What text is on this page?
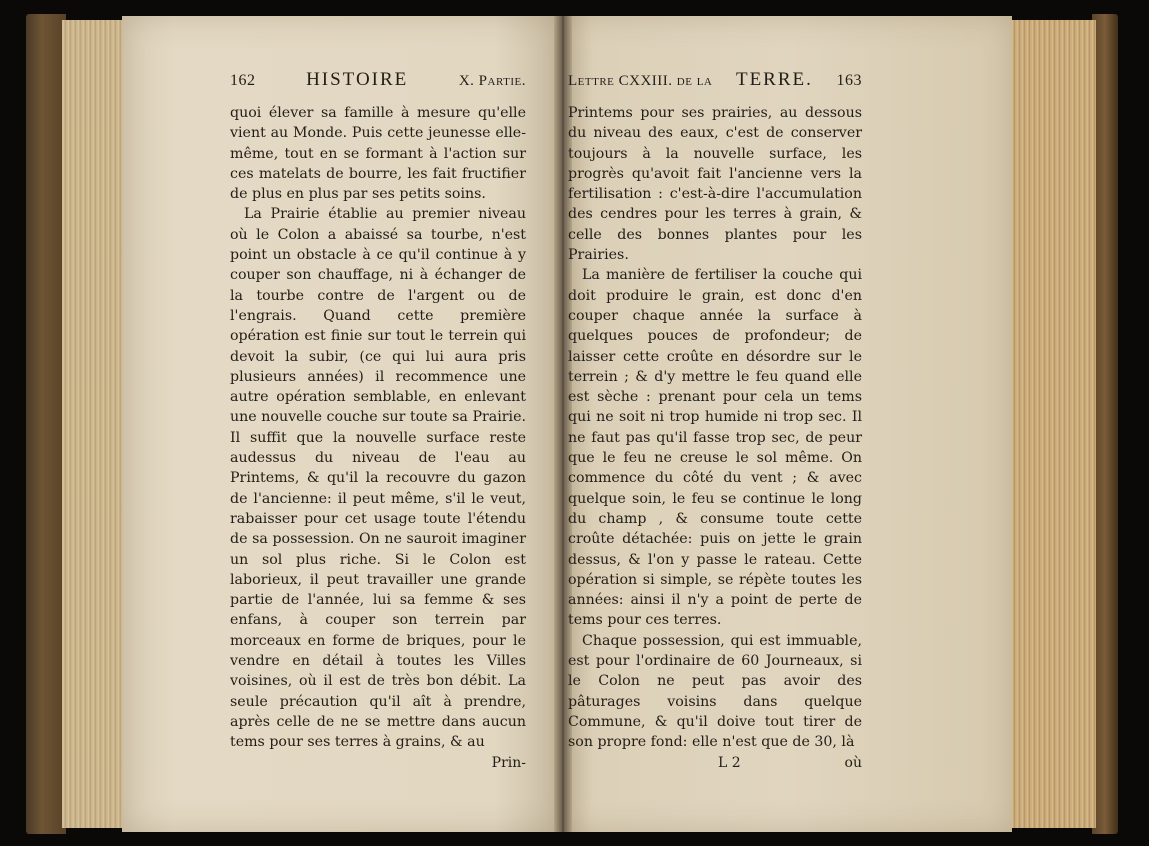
162	HISTOIRE	X. Partie.

quoi élever sa famille à mesure qu'elle vient au Monde. Puis cette jeunesse elle-même, tout en se formant à l'action sur ces matelats de bourre, les fait fructifier de plus en plus par ses petits soins.

La Prairie établie au premier niveau où le Colon a abaissé sa tourbe, n'est point un obstacle à ce qu'il continue à y couper son chauffage, ni à échanger de la tourbe contre de l'argent ou de l'engrais. Quand cette première opération est finie sur tout le terrein qui devoit la subir, (ce qui lui aura pris plusieurs années) il recommence une autre opération semblable, en enlevant une nouvelle couche sur toute sa Prairie. Il suffit que la nouvelle surface reste audessus du niveau de l'eau au Printems, & qu'il la recouvre du gazon de l'ancienne: il peut même, s'il le veut, rabaisser pour cet usage toute l'étendu de sa possession. On ne sauroit imaginer un sol plus riche. Si le Colon est laborieux, il peut travailler une grande partie de l'année, lui sa femme & ses enfans, à couper son terrein par morceaux en forme de briques, pour le vendre en détail à toutes les Villes voisines, où il est de très bon débit. La seule précaution qu'il aît à prendre, après celle de ne se mettre dans aucun tems pour ses terres à grains, & au

Prin-
Lettre CXXIII. de la TERRE. 163

Printems pour ses prairies, au dessous du niveau des eaux, c'est de conserver toujours à la nouvelle surface, les progrès qu'avoit fait l'ancienne vers la fertilisation : c'est-à-dire l'accumulation des cendres pour les terres à grain, & celle des bonnes plantes pour les Prairies.

La manière de fertiliser la couche qui doit produire le grain, est donc d'en couper chaque année la surface à quelques pouces de profondeur; de laisser cette croûte en désordre sur le terrein ; & d'y mettre le feu quand elle est sèche : prenant pour cela un tems qui ne soit ni trop humide ni trop sec. Il ne faut pas qu'il fasse trop sec, de peur que le feu ne creuse le sol même. On commence du côté du vent ; & avec quelque soin, le feu se continue le long du champ , & consume toute cette croûte détachée: puis on jette le grain dessus, & l'on y passe le rateau. Cette opération si simple, se répète toutes les années: ainsi il n'y a point de perte de tems pour ces terres.

Chaque possession, qui est immuable, est pour l'ordinaire de 60 Journeaux, si le Colon ne peut pas avoir des pâturages voisins dans quelque Commune, & qu'il doive tout tirer de son propre fond: elle n'est que de 30, là

L 2	où
